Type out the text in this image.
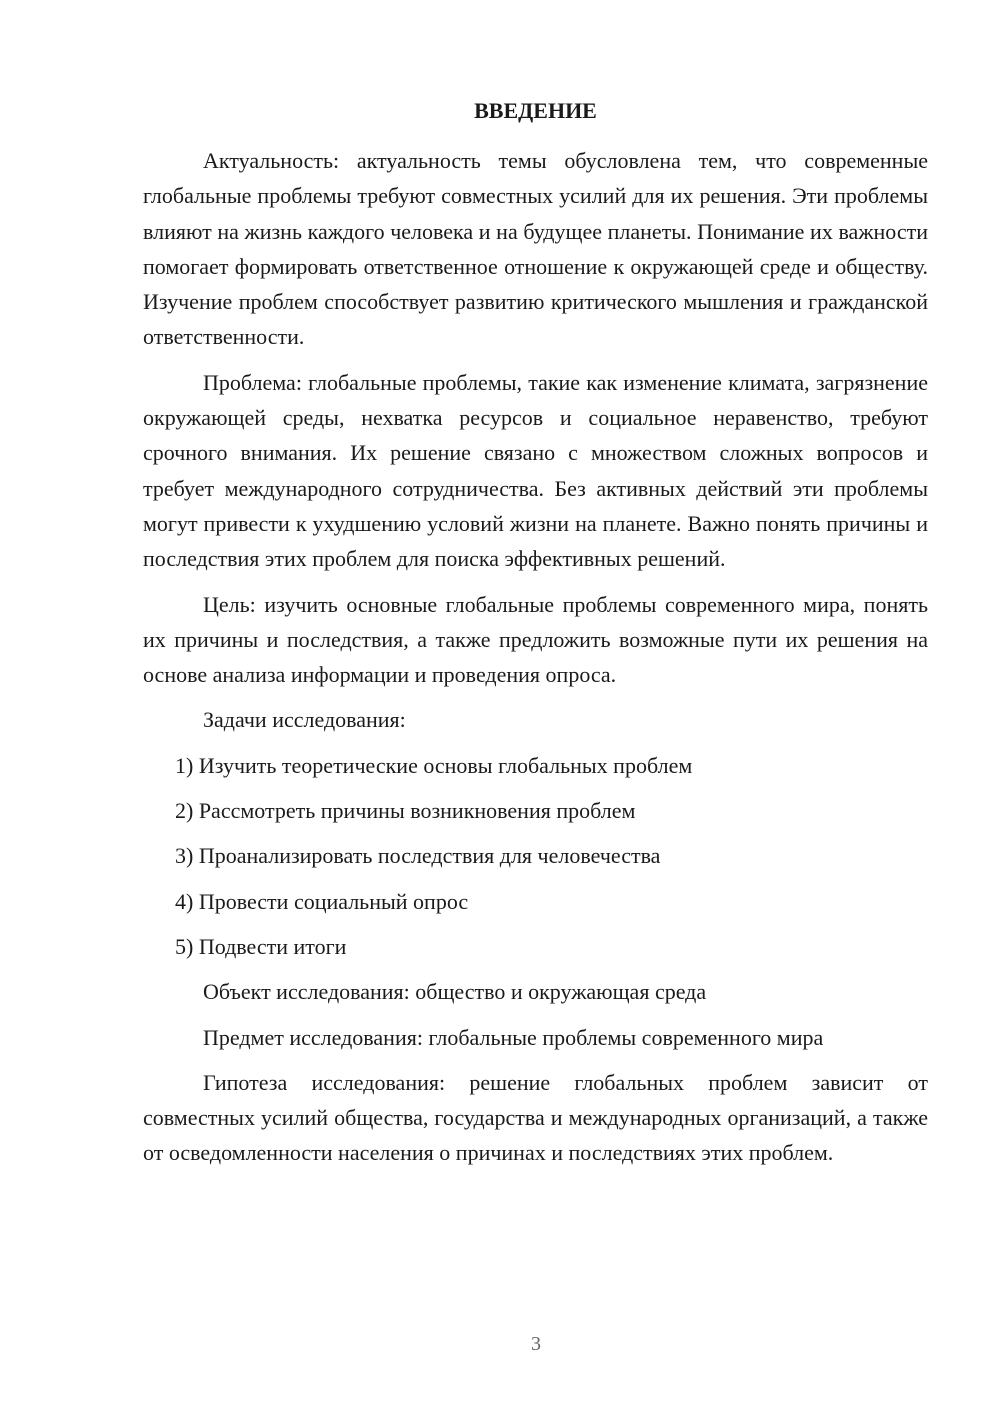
ВВЕДЕНИЕ

Актуальность: актуальность темы обусловлена тем, что современные глобальные проблемы требуют совместных усилий для их решения. Эти проблемы влияют на жизнь каждого человека и на будущее планеты. Понимание их важности помогает формировать ответственное отношение к окружающей среде и обществу. Изучение проблем способствует развитию критического мышления и гражданской ответственности.

Проблема: глобальные проблемы, такие как изменение климата, загрязнение окружающей среды, нехватка ресурсов и социальное неравенство, требуют срочного внимания. Их решение связано с множеством сложных вопросов и требует международного сотрудничества. Без активных действий эти проблемы могут привести к ухудшению условий жизни на планете. Важно понять причины и последствия этих проблем для поиска эффективных решений.

Цель: изучить основные глобальные проблемы современного мира, понять их причины и последствия, а также предложить возможные пути их решения на основе анализа информации и проведения опроса.

Задачи исследования:

1) Изучить теоретические основы глобальных проблем

2) Рассмотреть причины возникновения проблем

3) Проанализировать последствия для человечества

4) Провести социальный опрос

5) Подвести итоги

Объект исследования: общество и окружающая среда

Предмет исследования: глобальные проблемы современного мира

Гипотеза исследования: решение глобальных проблем зависит от совместных усилий общества, государства и международных организаций, а также от осведомленности населения о причинах и последствиях этих проблем.

3
